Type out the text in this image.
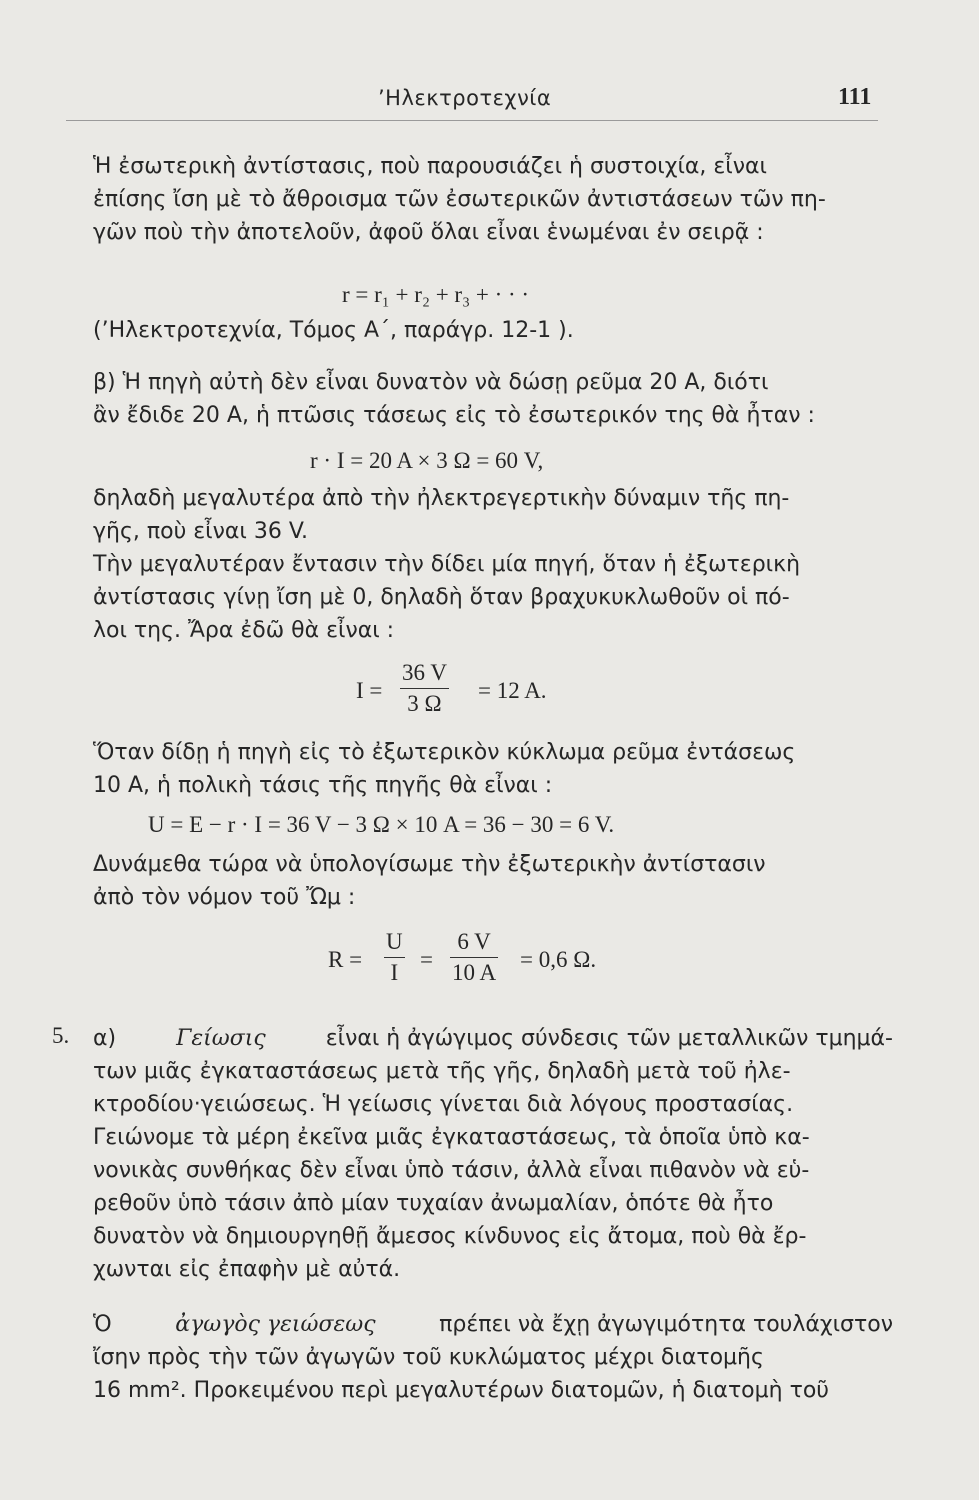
’Ηλεκτροτεχνία	111
Ἡ ἐσωτερικὴ ἀντίστασις, ποὺ παρουσιάζει ἡ συστοιχία, εἶναι
ἐπίσης ἴση μὲ τὸ ἄθροισμα τῶν ἐσωτερικῶν ἀντιστάσεων τῶν πη-
γῶν ποὺ τὴν ἀποτελοῦν, ἀφοῦ ὅλαι εἶναι ἑνωμέναι ἐν σειρᾷ :
r = r₁ + r₂ + r₃ + · · ·
(’Ηλεκτροτεχνία, Τόμος Α΄, παράγρ. 12-1 ).
β) Ἡ πηγὴ αὐτὴ δὲν εἶναι δυνατὸν νὰ δώσῃ ρεῦμα 20 A, διότι
ἂν ἔδιδε 20 A, ἡ πτῶσις τάσεως εἰς τὸ ἐσωτερικόν της θὰ ἦταν :
r · I = 20 A × 3 Ω = 60 V,
δηλαδὴ μεγαλυτέρα ἀπὸ τὴν ἠλεκτρεγερτικὴν δύναμιν τῆς πη-
γῆς, ποὺ εἶναι 36 V.
Τὴν μεγαλυτέραν ἔντασιν τὴν δίδει μία πηγή, ὅταν ἡ ἐξωτερικὴ
ἀντίστασις γίνῃ ἴση μὲ 0, δηλαδὴ ὅταν βραχυκυκλωθοῦν οἱ πό-
λοι της. Ἄρα ἐδῶ θὰ εἶναι :
I =
36 V
3 Ω
= 12 A.
Ὅταν δίδῃ ἡ πηγὴ εἰς τὸ ἐξωτερικὸν κύκλωμα ρεῦμα ἐντάσεως
10 A, ἡ πολικὴ τάσις τῆς πηγῆς θὰ εἶναι :
U = E − r · I = 36 V − 3 Ω × 10 A = 36 − 30 = 6 V.
Δυνάμεθα τώρα νὰ ὑπολογίσωμε τὴν ἐξωτερικὴν ἀντίστασιν
ἀπὸ τὸν νόμον τοῦ Ὤμ :
R =
U
I
=
6 V
10 A
= 0,6 Ω.
5. α)	Γείωσις	εἶναι ἡ ἀγώγιμος σύνδεσις τῶν μεταλλικῶν τμημά-
των μιᾶς ἐγκαταστάσεως μετὰ τῆς γῆς, δηλαδὴ μετὰ τοῦ ἠλε-
κτροδίου·γειώσεως. Ἡ γείωσις γίνεται διὰ λόγους προστασίας.
Γειώνομε τὰ μέρη ἐκεῖνα μιᾶς ἐγκαταστάσεως, τὰ ὁποῖα ὑπὸ κα-
νονικὰς συνθήκας δὲν εἶναι ὑπὸ τάσιν, ἀλλὰ εἶναι πιθανὸν νὰ εὑ-
ρεθοῦν ὑπὸ τάσιν ἀπὸ μίαν τυχαίαν ἀνωμαλίαν, ὁπότε θὰ ἦτο
δυνατὸν νὰ δημιουργηθῇ ἄμεσος κίνδυνος εἰς ἄτομα, ποὺ θὰ ἔρ-
χωνται εἰς ἐπαφὴν μὲ αὐτά.
Ὁ	ἀγωγὸς γειώσεως	πρέπει νὰ ἔχῃ ἀγωγιμότητα τουλάχιστον
ἴσην πρὸς τὴν τῶν ἀγωγῶν τοῦ κυκλώματος μέχρι διατομῆς
16 mm². Προκειμένου περὶ μεγαλυτέρων διατομῶν, ἡ διατομὴ τοῦ
